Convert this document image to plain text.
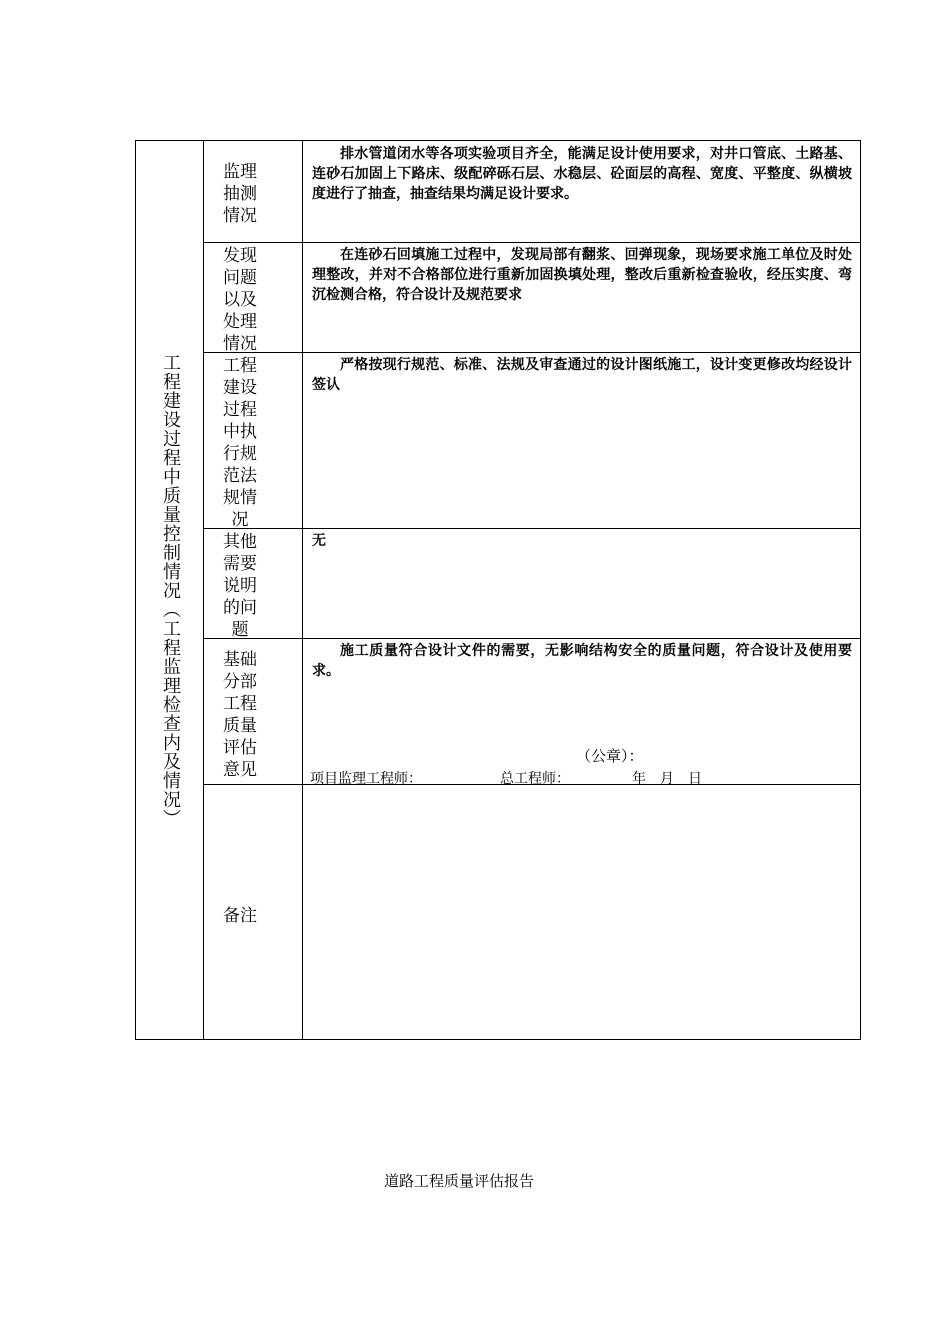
工程建设过程中质量控制情况（工程监理检查内及情况）
监理抽测情况
排水管道闭水等各项实验项目齐全，能满足设计使用要求，对井口管底、土路基、连砂石加固上下路床、级配碎砾石层、水稳层、砼面层的高程、宽度、平整度、纵横坡度进行了抽查，抽查结果均满足设计要求。
发现问题以及处理情况
在连砂石回填施工过程中，发现局部有翻浆、回弹现象，现场要求施工单位及时处理整改，并对不合格部位进行重新加固换填处理，整改后重新检查验收，经压实度、弯沉检测合格，符合设计及规范要求
工程建设过程中执行规范法规情况
严格按现行规范、标准、法规及审查通过的设计图纸施工，设计变更修改均经设计签认
其他需要说明的问题
无
基础分部工程质量评估意见
施工质量符合设计文件的需要，无影响结构安全的质量问题，符合设计及使用要求。
（公章）：
项目监理工程师：	总工程师：	年　月　日
备注
道路工程质量评估报告
